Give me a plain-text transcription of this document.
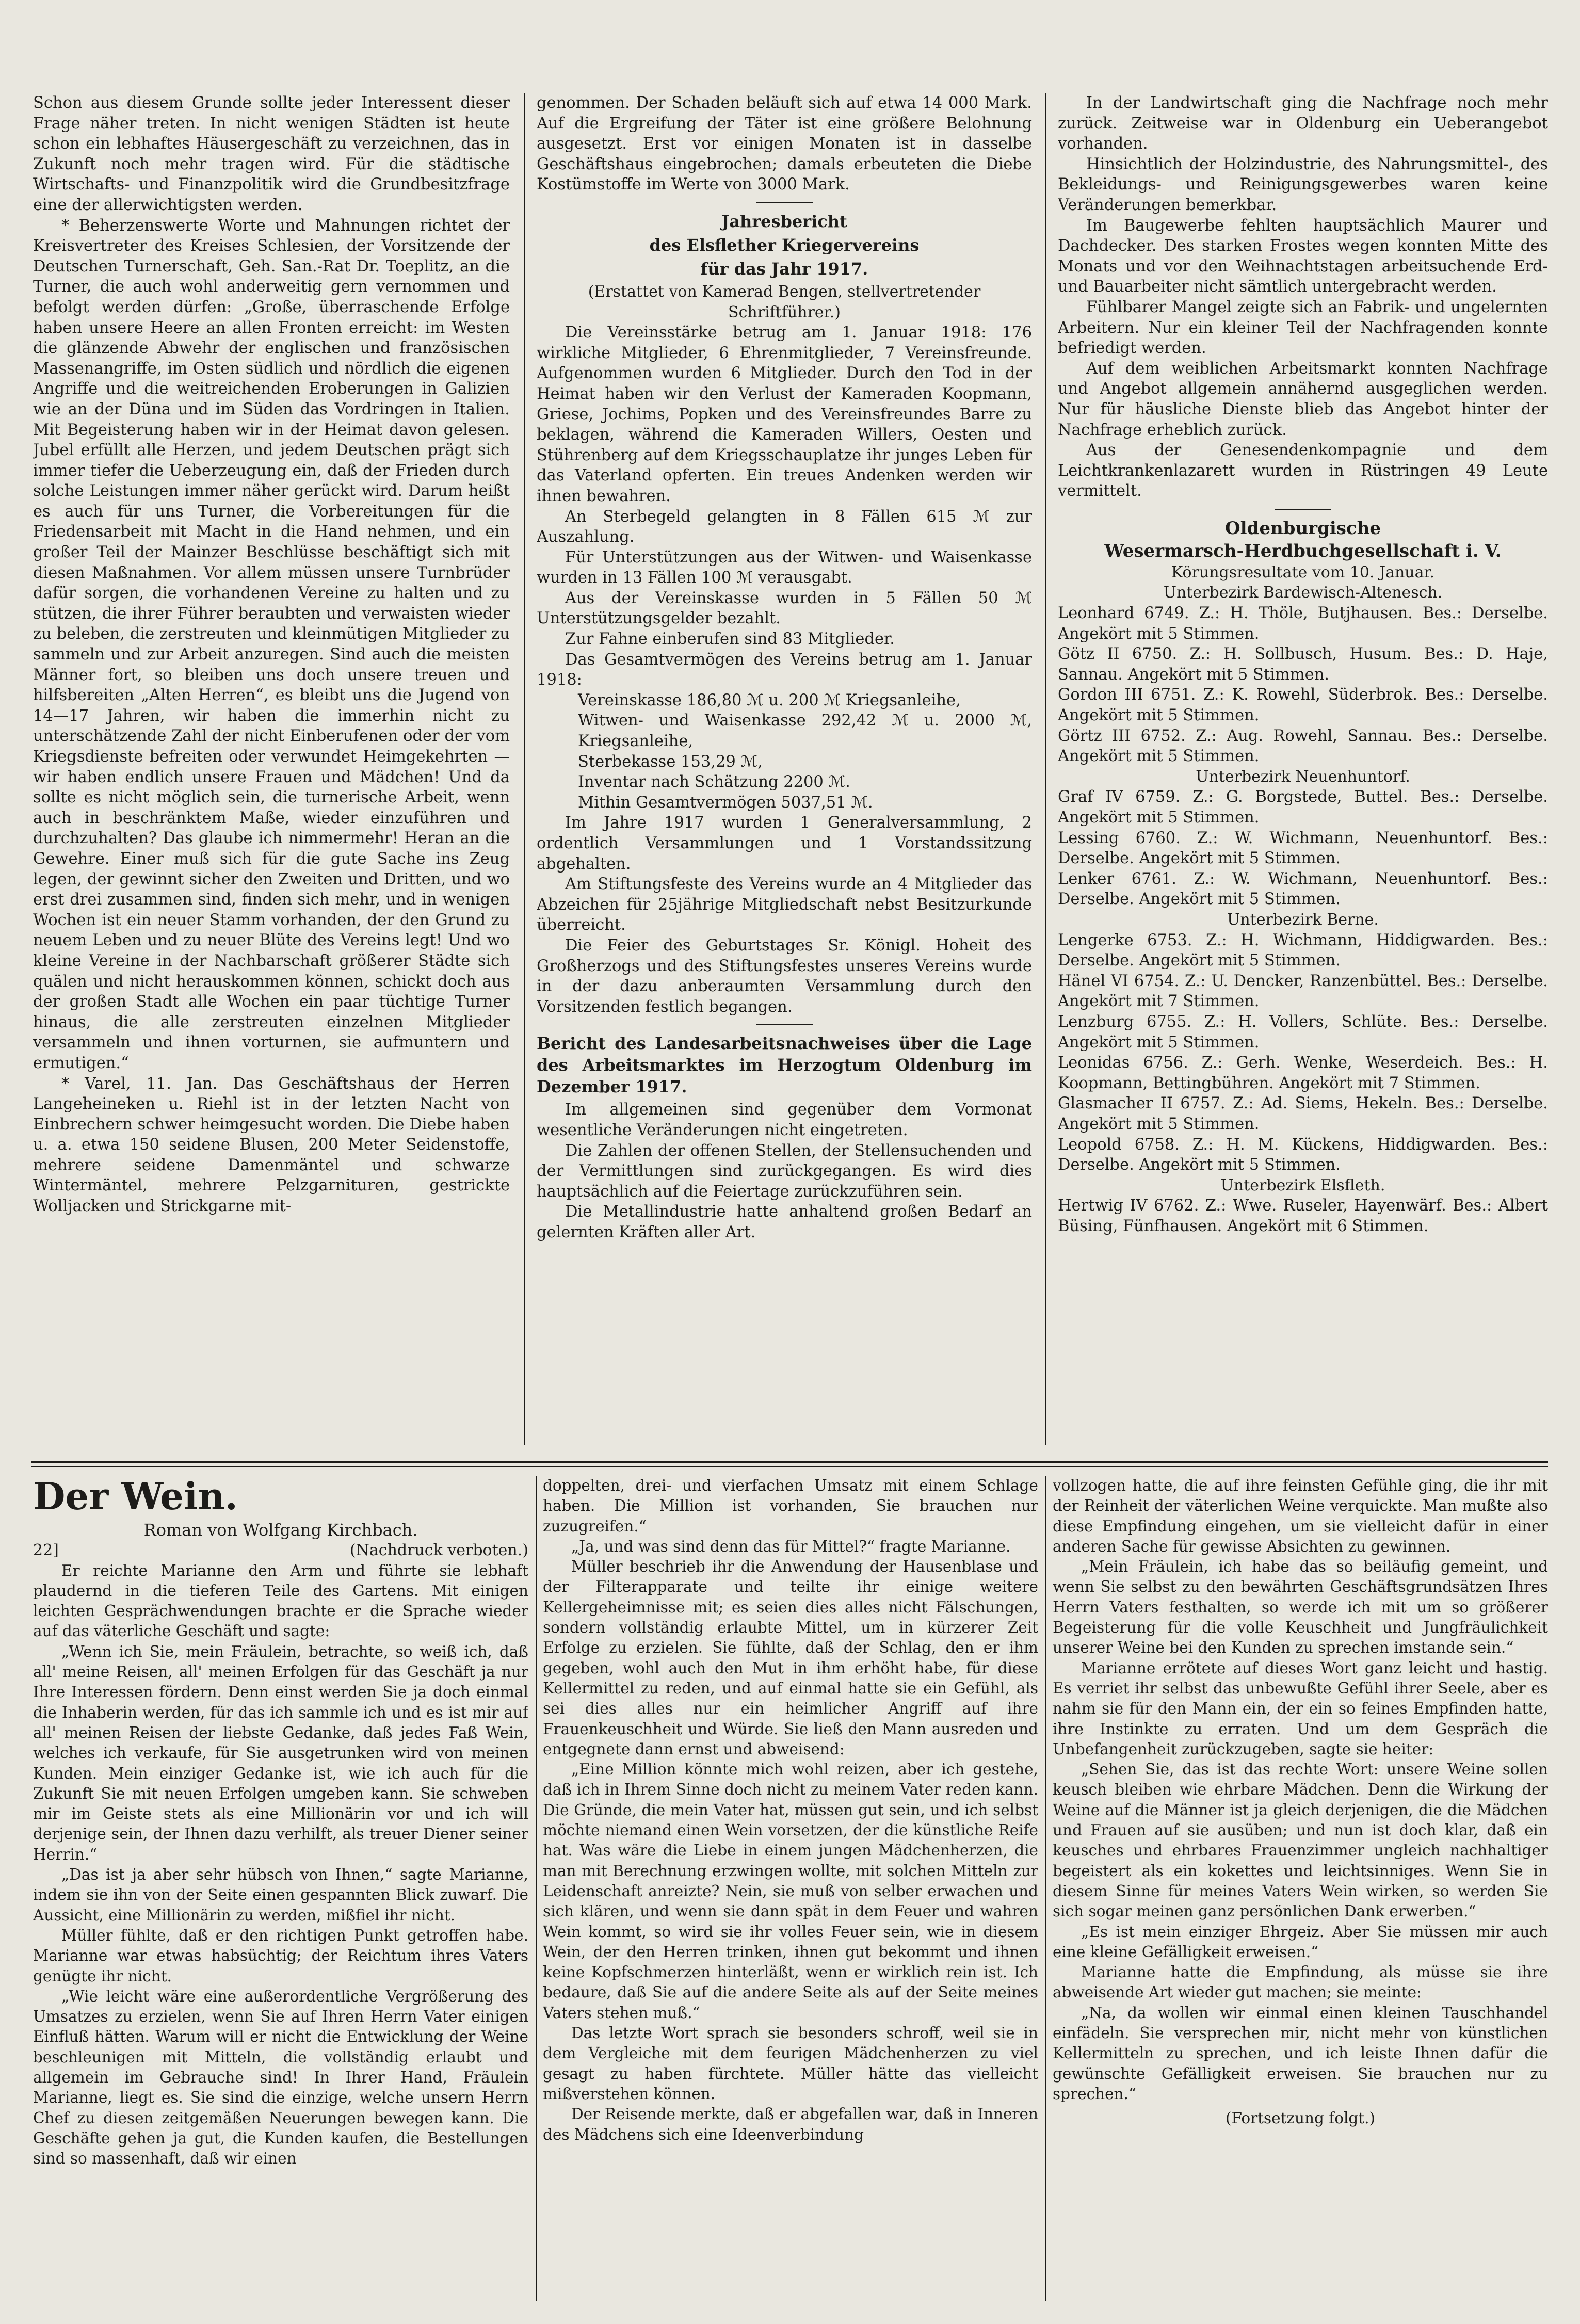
Schon aus diesem Grunde sollte jeder Interessent dieser Frage näher treten. In nicht wenigen Städten ist heute schon ein lebhaftes Häusergeschäft zu verzeichnen, das in Zukunft noch mehr tragen wird. Für die städtische Wirtschafts- und Finanzpolitik wird die Grundbesitzfrage eine der allerwichtigsten werden.

* Beherzenswerte Worte und Mahnungen richtet der Kreisvertreter des Kreises Schlesien, der Vorsitzende der Deutschen Turnerschaft, Geh. San.-Rat Dr. Toeplitz, an die Turner, die auch wohl anderweitig gern vernommen und befolgt werden dürfen: „Große, überraschende Erfolge haben unsere Heere an allen Fronten erreicht: im Westen die glänzende Abwehr der englischen und französischen Massenangriffe, im Osten südlich und nördlich die eigenen Angriffe und die weitreichenden Eroberungen in Galizien wie an der Düna und im Süden das Vordringen in Italien. Mit Begeisterung haben wir in der Heimat davon gelesen. Jubel erfüllt alle Herzen, und jedem Deutschen prägt sich immer tiefer die Ueberzeugung ein, daß der Frieden durch solche Leistungen immer näher gerückt wird. Darum heißt es auch für uns Turner, die Vorbereitungen für die Friedensarbeit mit Macht in die Hand nehmen, und ein großer Teil der Mainzer Beschlüsse beschäftigt sich mit diesen Maßnahmen. Vor allem müssen unsere Turnbrüder dafür sorgen, die vorhandenen Vereine zu halten und zu stützen, die ihrer Führer beraubten und verwaisten wieder zu beleben, die zerstreuten und kleinmütigen Mitglieder zu sammeln und zur Arbeit anzuregen. Sind auch die meisten Männer fort, so bleiben uns doch unsere treuen und hilfsbereiten „Alten Herren“, es bleibt uns die Jugend von 14—17 Jahren, wir haben die immerhin nicht zu unterschätzende Zahl der nicht Einberufenen oder der vom Kriegsdienste befreiten oder verwundet Heimgekehrten — wir haben endlich unsere Frauen und Mädchen! Und da sollte es nicht möglich sein, die turnerische Arbeit, wenn auch in beschränktem Maße, wieder einzuführen und durchzuhalten? Das glaube ich nimmermehr! Heran an die Gewehre. Einer muß sich für die gute Sache ins Zeug legen, der gewinnt sicher den Zweiten und Dritten, und wo erst drei zusammen sind, finden sich mehr, und in wenigen Wochen ist ein neuer Stamm vorhanden, der den Grund zu neuem Leben und zu neuer Blüte des Vereins legt! Und wo kleine Vereine in der Nachbarschaft größerer Städte sich quälen und nicht herauskommen können, schickt doch aus der großen Stadt alle Wochen ein paar tüchtige Turner hinaus, die alle zerstreuten einzelnen Mitglieder versammeln und ihnen vorturnen, sie aufmuntern und ermutigen.“

* Varel, 11. Jan. Das Geschäftshaus der Herren Langeheineken u. Riehl ist in der letzten Nacht von Einbrechern schwer heimgesucht worden. Die Diebe haben u. a. etwa 150 seidene Blusen, 200 Meter Seidenstoffe, mehrere seidene Damenmäntel und schwarze Wintermäntel, mehrere Pelzgarnituren, gestrickte Wolljacken und Strickgarne mit-

genommen. Der Schaden beläuft sich auf etwa 14 000 Mark. Auf die Ergreifung der Täter ist eine größere Belohnung ausgesetzt. Erst vor einigen Monaten ist in dasselbe Geschäftshaus eingebrochen; damals erbeuteten die Diebe Kostümstoffe im Werte von 3000 Mark.

Jahresbericht
des Elsflether Kriegervereins
für das Jahr 1917.
(Erstattet von Kamerad Bengen, stellvertretender Schriftführer.)

Die Vereinsstärke betrug am 1. Januar 1918: 176 wirkliche Mitglieder, 6 Ehrenmitglieder, 7 Vereinsfreunde. Aufgenommen wurden 6 Mitglieder. Durch den Tod in der Heimat haben wir den Verlust der Kameraden Koopmann, Griese, Jochims, Popken und des Vereinsfreundes Barre zu beklagen, während die Kameraden Willers, Oesten und Stührenberg auf dem Kriegsschauplatze ihr junges Leben für das Vaterland opferten. Ein treues Andenken werden wir ihnen bewahren.

An Sterbegeld gelangten in 8 Fällen 615 ℳ zur Auszahlung.

Für Unterstützungen aus der Witwen- und Waisenkasse wurden in 13 Fällen 100 ℳ verausgabt.

Aus der Vereinskasse wurden in 5 Fällen 50 ℳ Unterstützungsgelder bezahlt.

Zur Fahne einberufen sind 83 Mitglieder.

Das Gesamtvermögen des Vereins betrug am 1. Januar 1918:

Vereinskasse 186,80 ℳ u. 200 ℳ Kriegsanleihe,

Witwen- und Waisenkasse 292,42 ℳ u. 2000 ℳ, Kriegsanleihe,

Sterbekasse 153,29 ℳ,

Inventar nach Schätzung 2200 ℳ.

Mithin Gesamtvermögen 5037,51 ℳ.

Im Jahre 1917 wurden 1 Generalversammlung, 2 ordentlich Versammlungen und 1 Vorstandssitzung abgehalten.

Am Stiftungsfeste des Vereins wurde an 4 Mitglieder das Abzeichen für 25jährige Mitgliedschaft nebst Besitzurkunde überreicht.

Die Feier des Geburtstages Sr. Königl. Hoheit des Großherzogs und des Stiftungsfestes unseres Vereins wurde in der dazu anberaumten Versammlung durch den Vorsitzenden festlich begangen.

Bericht des Landesarbeitsnachweises über die Lage des Arbeitsmarktes im Herzogtum Oldenburg im Dezember 1917.

Im allgemeinen sind gegenüber dem Vormonat wesentliche Veränderungen nicht eingetreten.

Die Zahlen der offenen Stellen, der Stellensuchenden und der Vermittlungen sind zurückgegangen. Es wird dies hauptsächlich auf die Feiertage zurückzuführen sein.

Die Metallindustrie hatte anhaltend großen Bedarf an gelernten Kräften aller Art.

In der Landwirtschaft ging die Nachfrage noch mehr zurück. Zeitweise war in Oldenburg ein Ueberangebot vorhanden.

Hinsichtlich der Holzindustrie, des Nahrungsmittel-, des Bekleidungs- und Reinigungsgewerbes waren keine Veränderungen bemerkbar.

Im Baugewerbe fehlten hauptsächlich Maurer und Dachdecker. Des starken Frostes wegen konnten Mitte des Monats und vor den Weihnachtstagen arbeitsuchende Erd- und Bauarbeiter nicht sämtlich untergebracht werden.

Fühlbarer Mangel zeigte sich an Fabrik- und ungelernten Arbeitern. Nur ein kleiner Teil der Nachfragenden konnte befriedigt werden.

Auf dem weiblichen Arbeitsmarkt konnten Nachfrage und Angebot allgemein annähernd ausgeglichen werden. Nur für häusliche Dienste blieb das Angebot hinter der Nachfrage erheblich zurück.

Aus der Genesendenkompagnie und dem Leichtkrankenlazarett wurden in Rüstringen 49 Leute vermittelt.

Oldenburgische
Wesermarsch-Herdbuchgesellschaft i. V.
Körungsresultate vom 10. Januar.
Unterbezirk Bardewisch-Altenesch.

Leonhard 6749. Z.: H. Thöle, Butjhausen. Bes.: Derselbe. Angekört mit 5 Stimmen.

Götz II 6750. Z.: H. Sollbusch, Husum. Bes.: D. Haje, Sannau. Angekört mit 5 Stimmen.

Gordon III 6751. Z.: K. Rowehl, Süderbrok. Bes.: Derselbe. Angekört mit 5 Stimmen.

Görtz III 6752. Z.: Aug. Rowehl, Sannau. Bes.: Derselbe. Angekört mit 5 Stimmen.

Unterbezirk Neuenhuntorf.

Graf IV 6759. Z.: G. Borgstede, Buttel. Bes.: Derselbe. Angekört mit 5 Stimmen.

Lessing 6760. Z.: W. Wichmann, Neuenhuntorf. Bes.: Derselbe. Angekört mit 5 Stimmen.

Lenker 6761. Z.: W. Wichmann, Neuenhuntorf. Bes.: Derselbe. Angekört mit 5 Stimmen.

Unterbezirk Berne.

Lengerke 6753. Z.: H. Wichmann, Hiddigwarden. Bes.: Derselbe. Angekört mit 5 Stimmen.

Hänel VI 6754. Z.: U. Dencker, Ranzenbüttel. Bes.: Derselbe. Angekört mit 7 Stimmen.

Lenzburg 6755. Z.: H. Vollers, Schlüte. Bes.: Derselbe. Angekört mit 5 Stimmen.

Leonidas 6756. Z.: Gerh. Wenke, Weserdeich. Bes.: H. Koopmann, Bettingbühren. Angekört mit 7 Stimmen.

Glasmacher II 6757. Z.: Ad. Siems, Hekeln. Bes.: Derselbe. Angekört mit 5 Stimmen.

Leopold 6758. Z.: H. M. Kückens, Hiddigwarden. Bes.: Derselbe. Angekört mit 5 Stimmen.

Unterbezirk Elsfleth.

Hertwig IV 6762. Z.: Wwe. Ruseler, Hayenwärf. Bes.: Albert Büsing, Fünfhausen. Angekört mit 6 Stimmen.

Der Wein.
Roman von Wolfgang Kirchbach.
22]	(Nachdruck verboten.)

Er reichte Marianne den Arm und führte sie lebhaft plaudernd in die tieferen Teile des Gartens. Mit einigen leichten Gesprächwendungen brachte er die Sprache wieder auf das väterliche Geschäft und sagte:

„Wenn ich Sie, mein Fräulein, betrachte, so weiß ich, daß all' meine Reisen, all' meinen Erfolgen für das Geschäft ja nur Ihre Interessen fördern. Denn einst werden Sie ja doch einmal die Inhaberin werden, für das ich sammle ich und es ist mir auf all' meinen Reisen der liebste Gedanke, daß jedes Faß Wein, welches ich verkaufe, für Sie ausgetrunken wird von meinen Kunden. Mein einziger Gedanke ist, wie ich auch für die Zukunft Sie mit neuen Erfolgen umgeben kann. Sie schweben mir im Geiste stets als eine Millionärin vor und ich will derjenige sein, der Ihnen dazu verhilft, als treuer Diener seiner Herrin.“

„Das ist ja aber sehr hübsch von Ihnen,“ sagte Marianne, indem sie ihn von der Seite einen gespannten Blick zuwarf. Die Aussicht, eine Millionärin zu werden, mißfiel ihr nicht.

Müller fühlte, daß er den richtigen Punkt getroffen habe. Marianne war etwas habsüchtig; der Reichtum ihres Vaters genügte ihr nicht.

„Wie leicht wäre eine außerordentliche Vergrößerung des Umsatzes zu erzielen, wenn Sie auf Ihren Herrn Vater einigen Einfluß hätten. Warum will er nicht die Entwicklung der Weine beschleunigen mit Mitteln, die vollständig erlaubt und allgemein im Gebrauche sind! In Ihrer Hand, Fräulein Marianne, liegt es. Sie sind die einzige, welche unsern Herrn Chef zu diesen zeitgemäßen Neuerungen bewegen kann. Die Geschäfte gehen ja gut, die Kunden kaufen, die Bestellungen sind so massenhaft, daß wir einen

doppelten, drei- und vierfachen Umsatz mit einem Schlage haben. Die Million ist vorhanden, Sie brauchen nur zuzugreifen.“

„Ja, und was sind denn das für Mittel?“ fragte Marianne.

Müller beschrieb ihr die Anwendung der Hausenblase und der Filterapparate und teilte ihr einige weitere Kellergeheimnisse mit; es seien dies alles nicht Fälschungen, sondern vollständig erlaubte Mittel, um in kürzerer Zeit Erfolge zu erzielen. Sie fühlte, daß der Schlag, den er ihm gegeben, wohl auch den Mut in ihm erhöht habe, für diese Kellermittel zu reden, und auf einmal hatte sie ein Gefühl, als sei dies alles nur ein heimlicher Angriff auf ihre Frauenkeuschheit und Würde. Sie ließ den Mann ausreden und entgegnete dann ernst und abweisend:

„Eine Million könnte mich wohl reizen, aber ich gestehe, daß ich in Ihrem Sinne doch nicht zu meinem Vater reden kann. Die Gründe, die mein Vater hat, müssen gut sein, und ich selbst möchte niemand einen Wein vorsetzen, der die künstliche Reife hat. Was wäre die Liebe in einem jungen Mädchenherzen, die man mit Berechnung erzwingen wollte, mit solchen Mitteln zur Leidenschaft anreizte? Nein, sie muß von selber erwachen und sich klären, und wenn sie dann spät in dem Feuer und wahren Wein kommt, so wird sie ihr volles Feuer sein, wie in diesem Wein, der den Herren trinken, ihnen gut bekommt und ihnen keine Kopfschmerzen hinterläßt, wenn er wirklich rein ist. Ich bedaure, daß Sie auf die andere Seite als auf der Seite meines Vaters stehen muß.“

Das letzte Wort sprach sie besonders schroff, weil sie in dem Vergleiche mit dem feurigen Mädchenherzen zu viel gesagt zu haben fürchtete. Müller hätte das vielleicht mißverstehen können.

Der Reisende merkte, daß er abgefallen war, daß in Inneren des Mädchens sich eine Ideenverbindung

vollzogen hatte, die auf ihre feinsten Gefühle ging, die ihr mit der Reinheit der väterlichen Weine verquickte. Man mußte also diese Empfindung eingehen, um sie vielleicht dafür in einer anderen Sache für gewisse Absichten zu gewinnen.

„Mein Fräulein, ich habe das so beiläufig gemeint, und wenn Sie selbst zu den bewährten Geschäftsgrundsätzen Ihres Herrn Vaters festhalten, so werde ich mit um so größerer Begeisterung für die volle Keuschheit und Jungfräulichkeit unserer Weine bei den Kunden zu sprechen imstande sein.“

Marianne errötete auf dieses Wort ganz leicht und hastig. Es verriet ihr selbst das unbewußte Gefühl ihrer Seele, aber es nahm sie für den Mann ein, der ein so feines Empfinden hatte, ihre Instinkte zu erraten. Und um dem Gespräch die Unbefangenheit zurückzugeben, sagte sie heiter:

„Sehen Sie, das ist das rechte Wort: unsere Weine sollen keusch bleiben wie ehrbare Mädchen. Denn die Wirkung der Weine auf die Männer ist ja gleich derjenigen, die die Mädchen und Frauen auf sie ausüben; und nun ist doch klar, daß ein keusches und ehrbares Frauenzimmer ungleich nachhaltiger begeistert als ein kokettes und leichtsinniges. Wenn Sie in diesem Sinne für meines Vaters Wein wirken, so werden Sie sich sogar meinen ganz persönlichen Dank erwerben.“

„Es ist mein einziger Ehrgeiz. Aber Sie müssen mir auch eine kleine Gefälligkeit erweisen.“

Marianne hatte die Empfindung, als müsse sie ihre abweisende Art wieder gut machen; sie meinte:

„Na, da wollen wir einmal einen kleinen Tauschhandel einfädeln. Sie versprechen mir, nicht mehr von künstlichen Kellermitteln zu sprechen, und ich leiste Ihnen dafür die gewünschte Gefälligkeit erweisen. Sie brauchen nur zu sprechen.“

(Fortsetzung folgt.)
